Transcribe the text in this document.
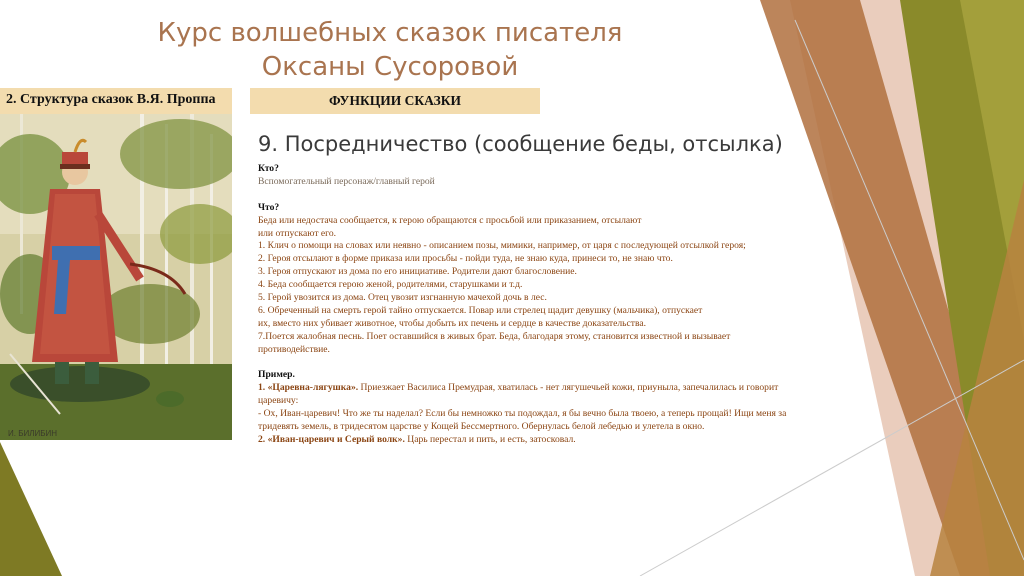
Курс волшебных сказок писателя
Оксаны Сусоровой
2. Структура сказок В.Я. Проппа	ФУНКЦИИ СКАЗКИ
И. БИЛИБИН
9. Посредничество (сообщение беды, отсылка)

Кто?

Вспомогательный персонаж/главный герой

Что?

Беда или недостача сообщается, к герою обращаются с просьбой или приказанием, отсылают

или отпускают его.

1. Клич о помощи на словах или неявно - описанием позы, мимики, например, от царя с последующей отсылкой героя;

2. Героя отсылают в форме приказа или просьбы - пойди туда, не знаю куда, принеси то, не знаю что.

3. Героя отпускают из дома по его инициативе. Родители дают благословение.

4. Беда сообщается герою женой, родителями, старушками и т.д.

5. Герой увозится из дома. Отец увозит изгнанную мачехой дочь в лес.

6. Обреченный на смерть герой тайно отпускается. Повар или стрелец щадит девушку (мальчика), отпускает

их, вместо них убивает животное, чтобы добыть их печень и сердце в качестве доказательства.

7.Поется жалобная песнь. Поет оставшийся в живых брат. Беда, благодаря этому, становится известной и вызывает

противодействие.

Пример.

1. «Царевна-лягушка». Приезжает Василиса Премудрая, хватилась - нет лягушечьей кожи, приуныла, запечалилась и говорит

царевичу:

- Ох, Иван-царевич! Что же ты наделал? Если бы немножко ты подождал, я бы вечно была твоею, а теперь прощай! Ищи меня за

тридевять земель, в тридесятом царстве у Кощей Бессмертного. Обернулась белой лебедью и улетела в окно.

2. «Иван-царевич и Серый волк». Царь перестал и пить, и есть, затосковал.
